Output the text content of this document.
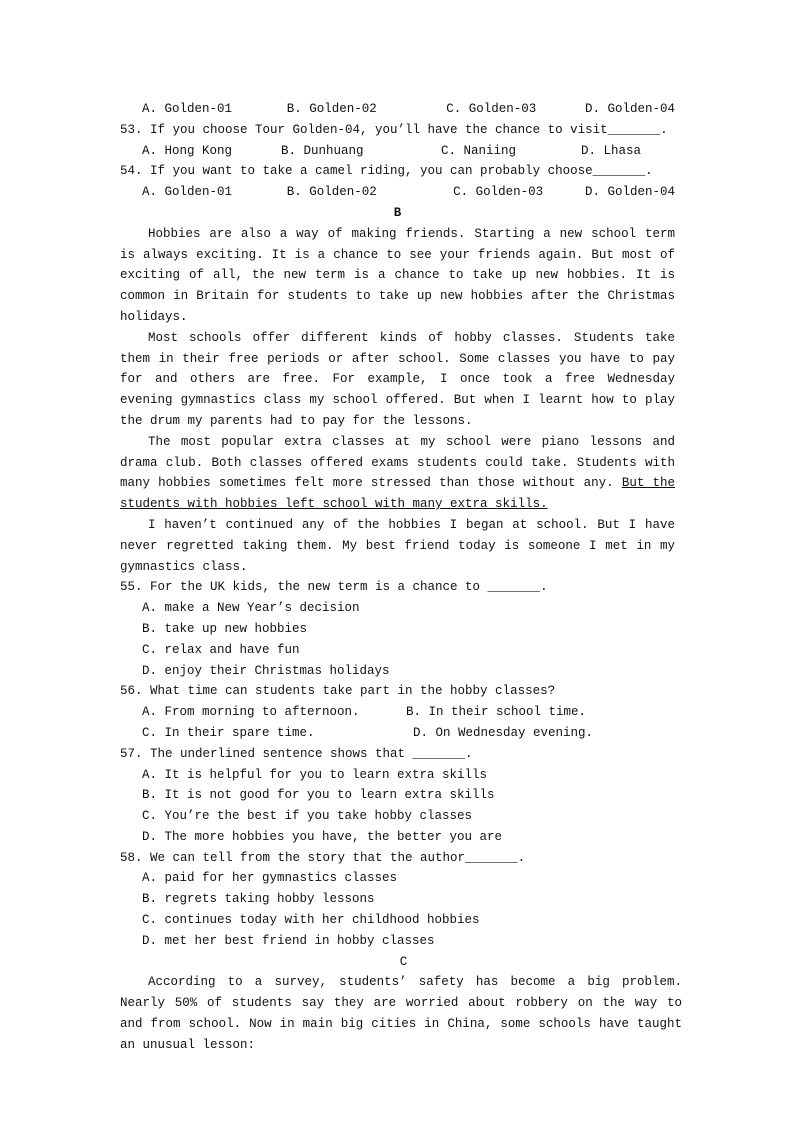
A. Golden-01	B. Golden-02	C. Golden-03	D. Golden-04
53. If you choose Tour Golden-04, you’ll have the chance to visit_______.
A. Hong Kong	B. Dunhuang	C. Naniing	D. Lhasa
54. If you want to take a camel riding, you can probably choose_______.
A. Golden-01	B. Golden-02	C. Golden-03	D. Golden-04
B

Hobbies are also a way of making friends. Starting a new school term is always exciting. It is a chance to see your friends again. But most of exciting of all, the new term is a chance to take up new hobbies. It is common in Britain for students to take up new hobbies after the Christmas holidays.

Most schools offer different kinds of hobby classes. Students take them in their free periods or after school. Some classes you have to pay for and others are free. For example, I once took a free Wednesday evening gymnastics class my school offered. But when I learnt how to play the drum my parents had to pay for the lessons.

The most popular extra classes at my school were piano lessons and drama club. Both classes offered exams students could take. Students with many hobbies sometimes felt more stressed than those without any. But the students with hobbies left school with many extra skills.

I haven’t continued any of the hobbies I began at school. But I have never regretted taking them. My best friend today is someone I met in my gymnastics class.

55. For the UK kids, the new term is a chance to _______.
A. make a New Year’s decision
B. take up new hobbies
C. relax and have fun
D. enjoy their Christmas holidays
56. What time can students take part in the hobby classes?
A. From morning to afternoon.	B. In their school time.
C. In their spare time.	D. On Wednesday evening.
57. The underlined sentence shows that _______.
A. It is helpful for you to learn extra skills
B. It is not good for you to learn extra skills
C. You’re the best if you take hobby classes
D. The more hobbies you have, the better you are
58. We can tell from the story that the author_______.
A. paid for her gymnastics classes
B. regrets taking hobby lessons
C. continues today with her childhood hobbies
D. met her best friend in hobby classes
C

According to a survey, students’ safety has become a big problem. Nearly 50% of students say they are worried about robbery on the way to and from school. Now in main big cities in China, some schools have taught an unusual lesson:
